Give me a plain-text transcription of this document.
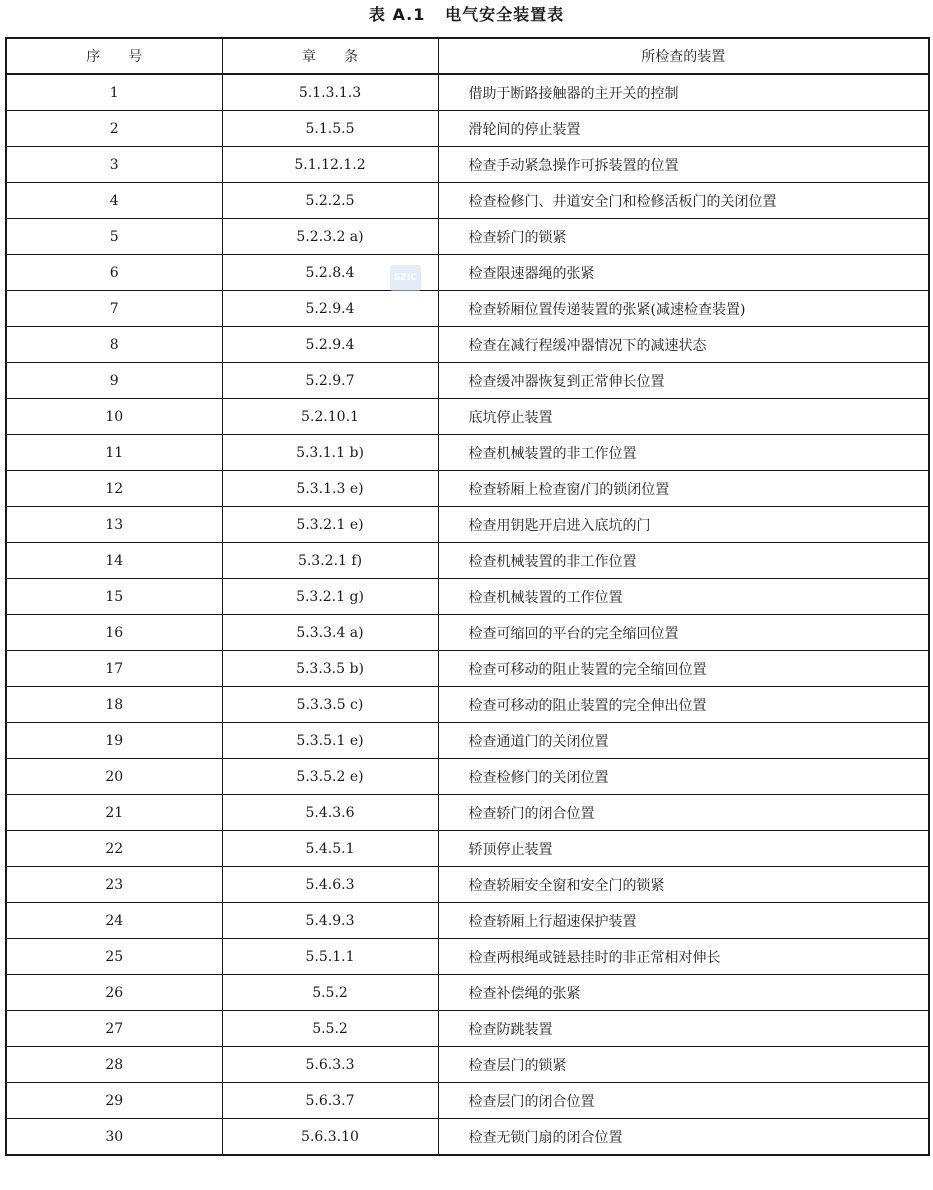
表 A.1   电气安全装置表
序　　号	章　　条	所检查的装置
1	5.1.3.1.3	借助于断路接触器的主开关的控制
2	5.1.5.5	滑轮间的停止装置
3	5.1.12.1.2	检查手动紧急操作可拆装置的位置
4	5.2.2.5	检查检修门、井道安全门和检修活板门的关闭位置
5	5.2.3.2 a)	检查轿门的锁紧
6	5.2.8.4	检查限速器绳的张紧
7	5.2.9.4	检查轿厢位置传递装置的张紧(减速检查装置)
8	5.2.9.4	检查在减行程缓冲器情况下的减速状态
9	5.2.9.7	检查缓冲器恢复到正常伸长位置
10	5.2.10.1	底坑停止装置
11	5.3.1.1 b)	检查机械装置的非工作位置
12	5.3.1.3 e)	检查轿厢上检查窗/门的锁闭位置
13	5.3.2.1 e)	检查用钥匙开启进入底坑的门
14	5.3.2.1 f)	检查机械装置的非工作位置
15	5.3.2.1 g)	检查机械装置的工作位置
16	5.3.3.4 a)	检查可缩回的平台的完全缩回位置
17	5.3.3.5 b)	检查可移动的阻止装置的完全缩回位置
18	5.3.3.5 c)	检查可移动的阻止装置的完全伸出位置
19	5.3.5.1 e)	检查通道门的关闭位置
20	5.3.5.2 e)	检查检修门的关闭位置
21	5.4.3.6	检查轿门的闭合位置
22	5.4.5.1	轿顶停止装置
23	5.4.6.3	检查轿厢安全窗和安全门的锁紧
24	5.4.9.3	检查轿厢上行超速保护装置
25	5.5.1.1	检查两根绳或链悬挂时的非正常相对伸长
26	5.5.2	检查补偿绳的张紧
27	5.5.2	检查防跳装置
28	5.6.3.3	检查层门的锁紧
29	5.6.3.7	检查层门的闭合位置
30	5.6.3.10	检查无锁门扇的闭合位置
SZIC
